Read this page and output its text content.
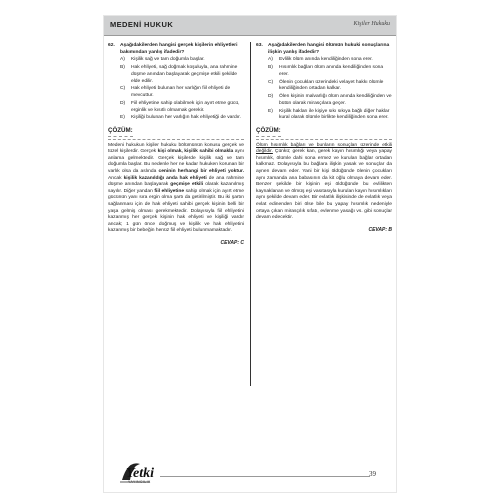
MEDENİ HUKUK	Kişiler Hukuku
62.	Aşağıdakilerden hangisi gerçek kişilerin ehliyetleri bakımından yanlış ifadedir?
A)	Kişilik sağ ve tam doğumla başlar.
B)	Hak ehliyeti, sağ doğmak koşuluyla, ana rahmine düşme anından başlayarak geçmişe etkili şekilde elde edilir.
C)	Hak ehliyeti bulunan her varlığın fiil ehliyeti de mevcuttur.
D)	Fiil ehliyetine sahip olabilmek için ayırt etme gücü, erginlik ve kısıtlı olmamak gerekir.
E)	Kişiliği bulunan her varlığın hak ehliyetiği de vardır.
ÇÖZÜM:
Medeni hukukun kişiler hukuku bölümünün konusu gerçek ve tüzel kişilerdir. Gerçek kişi olmak, kişilik sahibi olmakla aynı anlama gelmektedir. Gerçek kişilerde kişilik sağ ve tam doğumla başlar. Bu nedenle her ne kadar hukuken korunan bir varlık olsa da aslında ceninin herhangi bir ehliyeti yoktur. Ancak kişilik kazanıldığı anda hak ehliyeti de ana rahmine düşme anından başlayarak geçmişe etkili olarak kazanılmış sayılır. Diğer yandan fiil ehliyetine sahip olmak için ayırt etme gücünün yanı sıra ergin olma şartı da getirilmiştir. Bu iki şartın sağlanması için de hak ehliyeti sahibi gerçek kişinin belli bir yaşa gelmiş olması gerekmektedir. Dolayısıyla fiil ehliyetini kazanmış her gerçek kişinin hak ehliyeti ve kişiliği vardır ancak; 1 gün önce doğmuş ve kişilik ve hak ehliyetini kazanmış bir bebeğin henüz fiil ehliyeti bulunmamaktadır.
CEVAP: C
63.	Aşağıdakilerden hangisi ölümün hukuki sonuçlarına ilişkin yanlış ifadedir?
A)	Evlilik ölüm anında kendiliğinden sona erer.
B)	Hısımlık bağları ölüm anında kendiliğinden sona erer.
C)	Ölenin çocukları üzerindeki velayet hakkı ölümle kendiliğinden ortadan kalkar.
D)	Ölen kişinin malvarlığı ölüm anında kendiliğinden ve bütün olarak mirasçılara geçer.
E)	Kişilik hakları ile kişiye sıkı sıkıya bağlı diğer haklar kural olarak ölümle birlikte kendiliğinden sona erer.
ÇÖZÜM:
Ölüm hısımlık bağları ve bunların sonuçları üzerinde etkili değildir. Çünkü; gerek kan, gerek kayın hısımlığı veya yapay hısımlık, ölümle dahi sona ermez ve kurulan bağlar ortadan kalkmaz. Dolayısıyla bu bağlara ilişkin yasak ve sonuçlar da aynen devam eder. Yani bir kişi öldüğünde ölenin çocukları aynı zamanda ana babasının da kit oğlu olmaya devam eder. Benzer şekilde bir kişinin eşi öldüğünde bu evlilikten kaynaklanan ve ölmüş eşi vasıtasıyla kurulan kayın hısımlıkları aynı şekilde devam eder. Bir evlatlık ilişkisinde de evlatlık veya evlat edinenden biri ölse bile bu yapay hısımlık nedeniyle ortaya çıkan mirasçılık sıfatı, evlenme yasağı vs. gibi sonuçlar devam edecektir.
CEVAP: B
Yetki
YAYINCILIK
39
